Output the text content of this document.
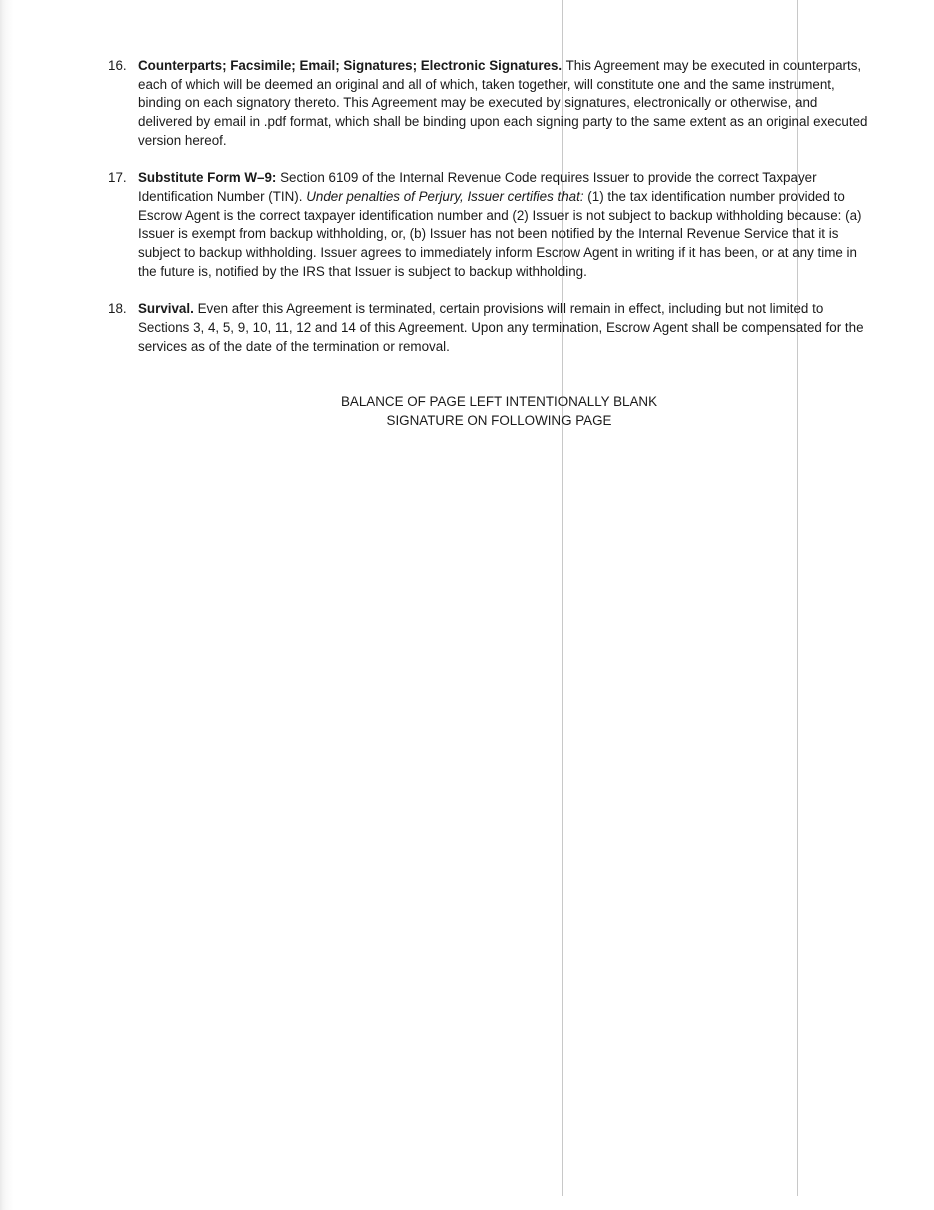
16. Counterparts; Facsimile; Email; Signatures; Electronic Signatures. This Agreement may be executed in counterparts, each of which will be deemed an original and all of which, taken together, will constitute one and the same instrument, binding on each signatory thereto. This Agreement may be executed by signatures, electronically or otherwise, and delivered by email in .pdf format, which shall be binding upon each signing party to the same extent as an original executed version hereof.
17. Substitute Form W–9: Section 6109 of the Internal Revenue Code requires Issuer to provide the correct Taxpayer Identification Number (TIN). Under penalties of Perjury, Issuer certifies that: (1) the tax identification number provided to Escrow Agent is the correct taxpayer identification number and (2) Issuer is not subject to backup withholding because: (a) Issuer is exempt from backup withholding, or, (b) Issuer has not been notified by the Internal Revenue Service that it is subject to backup withholding. Issuer agrees to immediately inform Escrow Agent in writing if it has been, or at any time in the future is, notified by the IRS that Issuer is subject to backup withholding.
18. Survival. Even after this Agreement is terminated, certain provisions will remain in effect, including but not limited to Sections 3, 4, 5, 9, 10, 11, 12 and 14 of this Agreement. Upon any termination, Escrow Agent shall be compensated for the services as of the date of the termination or removal.
BALANCE OF PAGE LEFT INTENTIONALLY BLANK
SIGNATURE ON FOLLOWING PAGE
